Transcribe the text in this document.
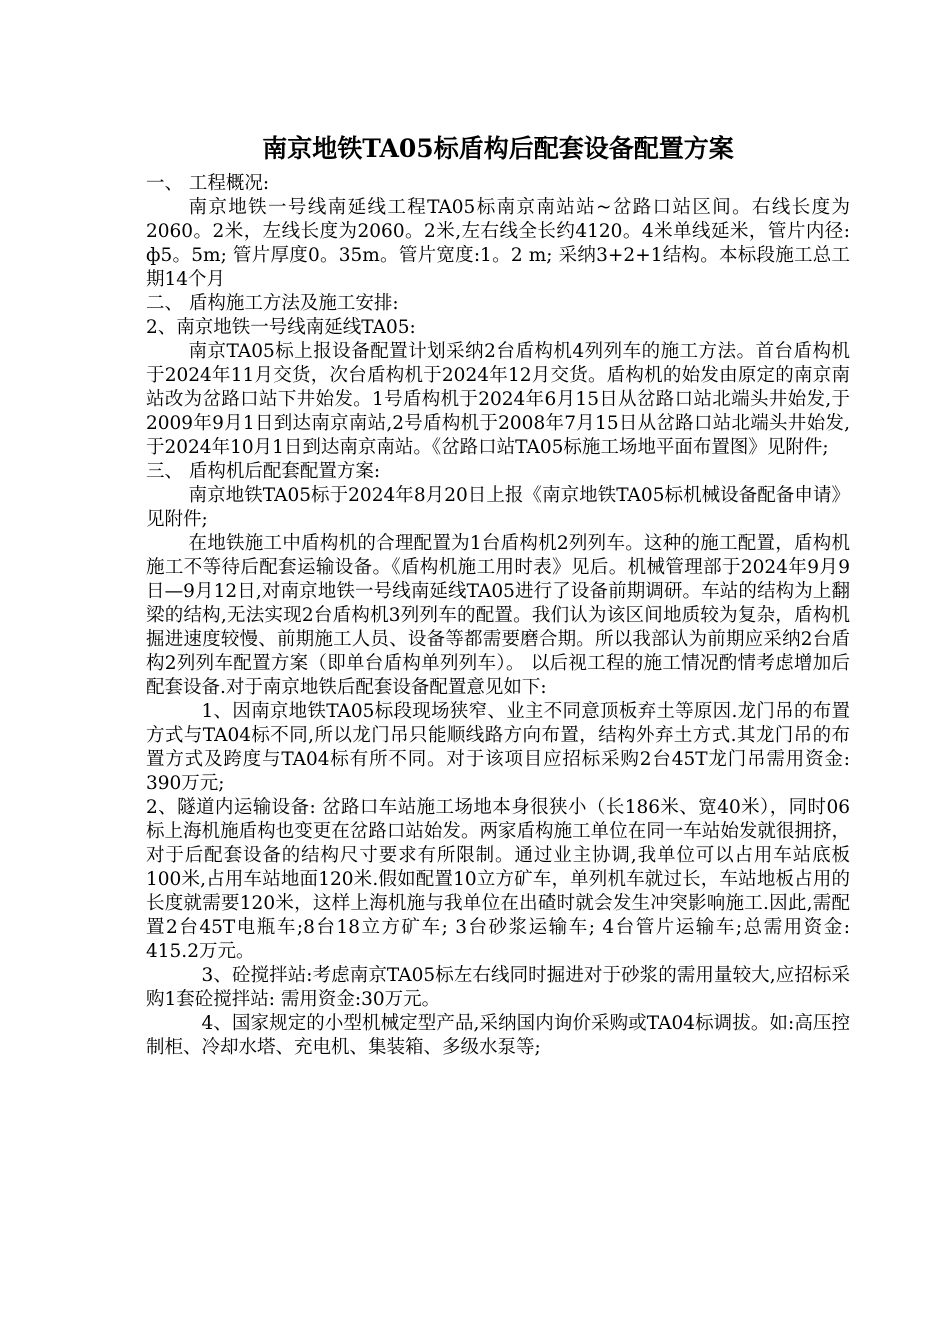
南京地铁TA05标盾构后配套设备配置方案

一、 工程概况:

南京地铁一号线南延线工程TA05标南京南站站~岔路口站区间。右线长度为2060。2米，左线长度为2060。2米,左右线全长约4120。4米单线延米，管片内径: ф5。5m; 管片厚度0。35m。管片宽度:1。2 m; 采纳3+2+1结构。本标段施工总工期14个月

二、 盾构施工方法及施工安排:

2、南京地铁一号线南延线TA05:

南京TA05标上报设备配置计划采纳2台盾构机4列列车的施工方法。首台盾构机于2024年11月交货，次台盾构机于2024年12月交货。盾构机的始发由原定的南京南站改为岔路口站下井始发。1号盾构机于2024年6月15日从岔路口站北端头井始发,于2009年9月1日到达南京南站,2号盾构机于2008年7月15日从岔路口站北端头井始发, 于2024年10月1日到达南京南站。《岔路口站TA05标施工场地平面布置图》见附件;

三、 盾构机后配套配置方案:

南京地铁TA05标于2024年8月20日上报《南京地铁TA05标机械设备配备申请》见附件;

在地铁施工中盾构机的合理配置为1台盾构机2列列车。这种的施工配置，盾构机施工不等待后配套运输设备。《盾构机施工用时表》见后。机械管理部于2024年9月9日—9月12日,对南京地铁一号线南延线TA05进行了设备前期调研。车站的结构为上翻梁的结构,无法实现2台盾构机3列列车的配置。我们认为该区间地质较为复杂，盾构机掘进速度较慢、前期施工人员、设备等都需要磨合期。所以我部认为前期应采纳2台盾构2列列车配置方案（即单台盾构单列列车）。 以后视工程的施工情况酌情考虑增加后配套设备.对于南京地铁后配套设备配置意见如下:

1、因南京地铁TA05标段现场狭窄、业主不同意顶板弃土等原因.龙门吊的布置方式与TA04标不同,所以龙门吊只能顺线路方向布置，结构外弃土方式.其龙门吊的布置方式及跨度与TA04标有所不同。对于该项目应招标采购2台45T龙门吊需用资金: 390万元;

2、隧道内运输设备: 岔路口车站施工场地本身很狭小（长186米、宽40米），同时06标上海机施盾构也变更在岔路口站始发。两家盾构施工单位在同一车站始发就很拥挤，对于后配套设备的结构尺寸要求有所限制。通过业主协调,我单位可以占用车站底板100米,占用车站地面120米.假如配置10立方矿车，单列机车就过长，车站地板占用的长度就需要120米，这样上海机施与我单位在出碴时就会发生冲突影响施工.因此,需配置2台45T电瓶车;8台18立方矿车; 3台砂浆运输车; 4台管片运输车;总需用资金: 415.2万元。

3、砼搅拌站:考虑南京TA05标左右线同时掘进对于砂浆的需用量较大,应招标采购1套砼搅拌站: 需用资金:30万元。

4、国家规定的小型机械定型产品,采纳国内询价采购或TA04标调拔。如:高压控制柜、冷却水塔、充电机、集装箱、多级水泵等;
